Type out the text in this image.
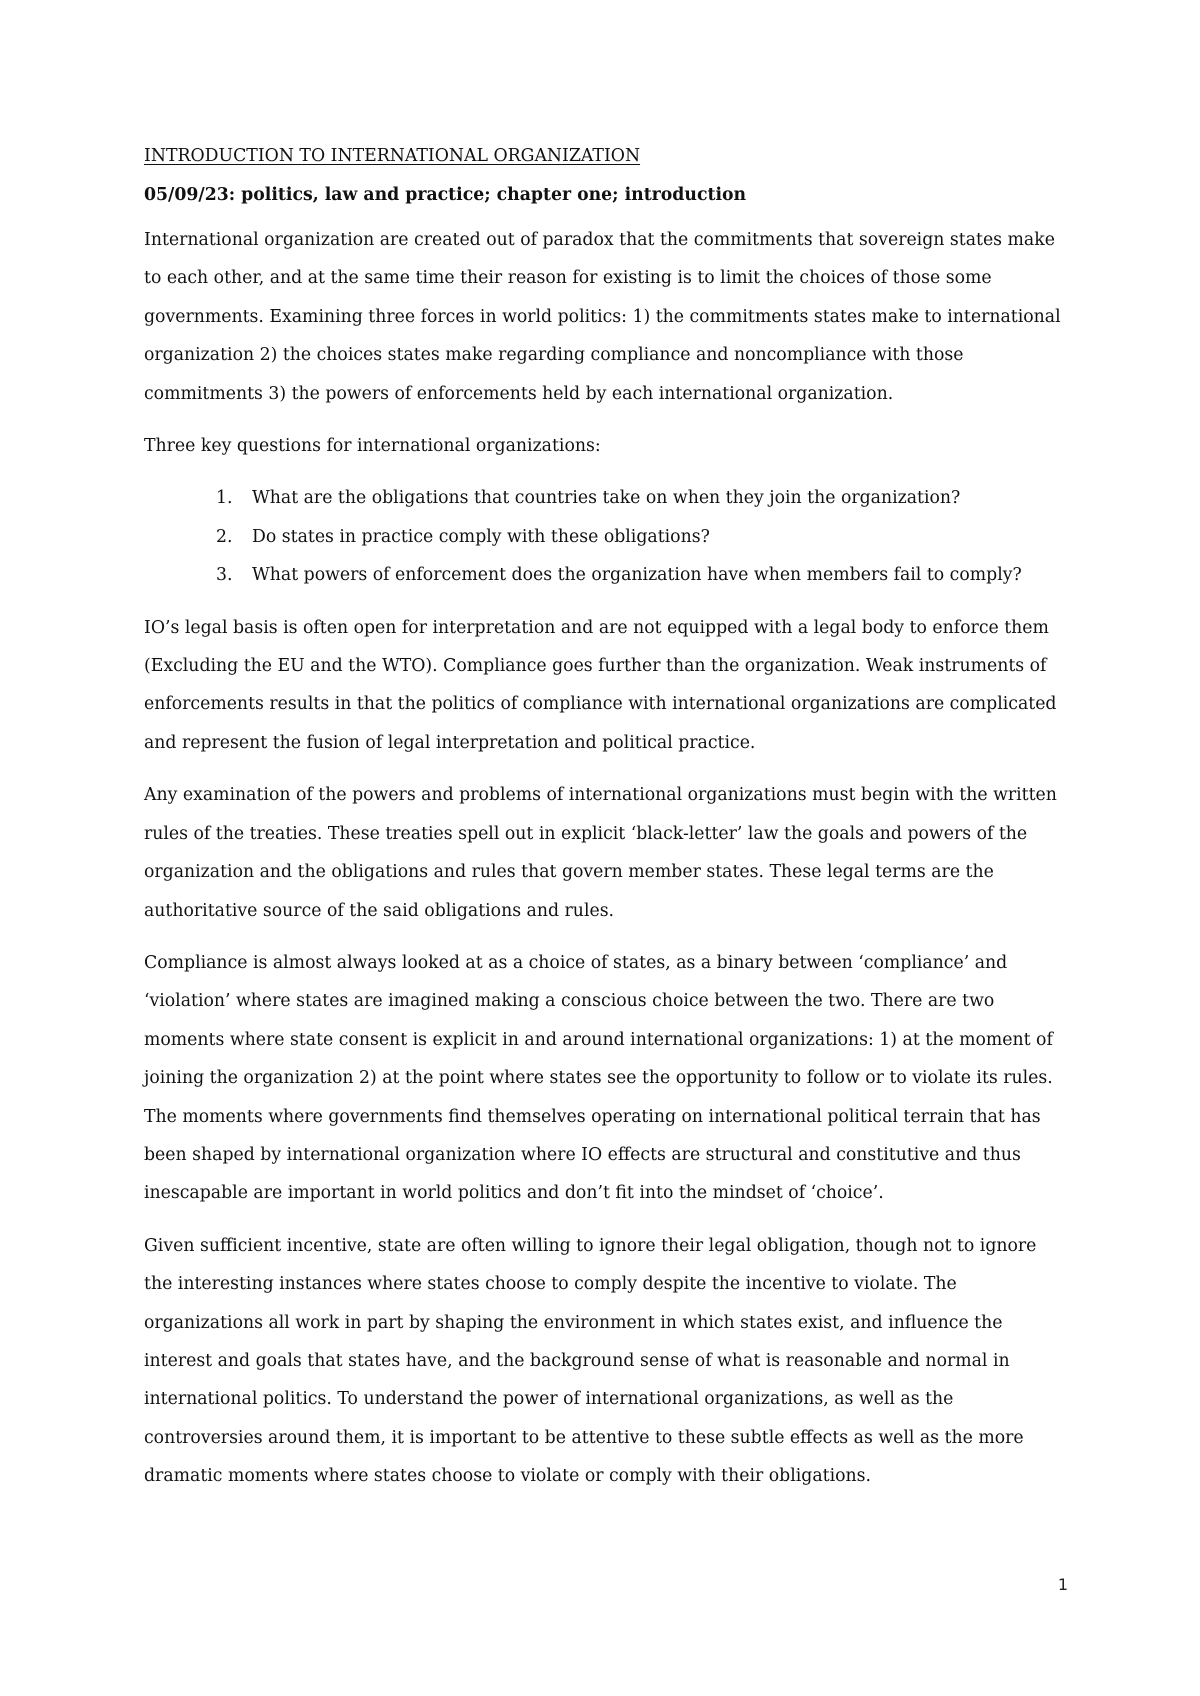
INTRODUCTION TO INTERNATIONAL ORGANIZATION
05/09/23: politics, law and practice; chapter one; introduction

International organization are created out of paradox that the commitments that sovereign states make to each other, and at the same time their reason for existing is to limit the choices of those some governments. Examining three forces in world politics: 1) the commitments states make to international organization 2) the choices states make regarding compliance and noncompliance with those commitments 3) the powers of enforcements held by each international organization.

Three key questions for international organizations:

1. What are the obligations that countries take on when they join the organization?
2. Do states in practice comply with these obligations?
3. What powers of enforcement does the organization have when members fail to comply?

IO’s legal basis is often open for interpretation and are not equipped with a legal body to enforce them (Excluding the EU and the WTO). Compliance goes further than the organization. Weak instruments of enforcements results in that the politics of compliance with international organizations are complicated and represent the fusion of legal interpretation and political practice.

Any examination of the powers and problems of international organizations must begin with the written rules of the treaties. These treaties spell out in explicit ‘black-letter’ law the goals and powers of the organization and the obligations and rules that govern member states. These legal terms are the authoritative source of the said obligations and rules.

Compliance is almost always looked at as a choice of states, as a binary between ‘compliance’ and ‘violation’ where states are imagined making a conscious choice between the two. There are two moments where state consent is explicit in and around international organizations: 1) at the moment of joining the organization 2) at the point where states see the opportunity to follow or to violate its rules. The moments where governments find themselves operating on international political terrain that has been shaped by international organization where IO effects are structural and constitutive and thus inescapable are important in world politics and don’t fit into the mindset of ‘choice’.

Given sufficient incentive, state are often willing to ignore their legal obligation, though not to ignore the interesting instances where states choose to comply despite the incentive to violate. The organizations all work in part by shaping the environment in which states exist, and influence the interest and goals that states have, and the background sense of what is reasonable and normal in international politics. To understand the power of international organizations, as well as the controversies around them, it is important to be attentive to these subtle effects as well as the more dramatic moments where states choose to violate or comply with their obligations.

1
